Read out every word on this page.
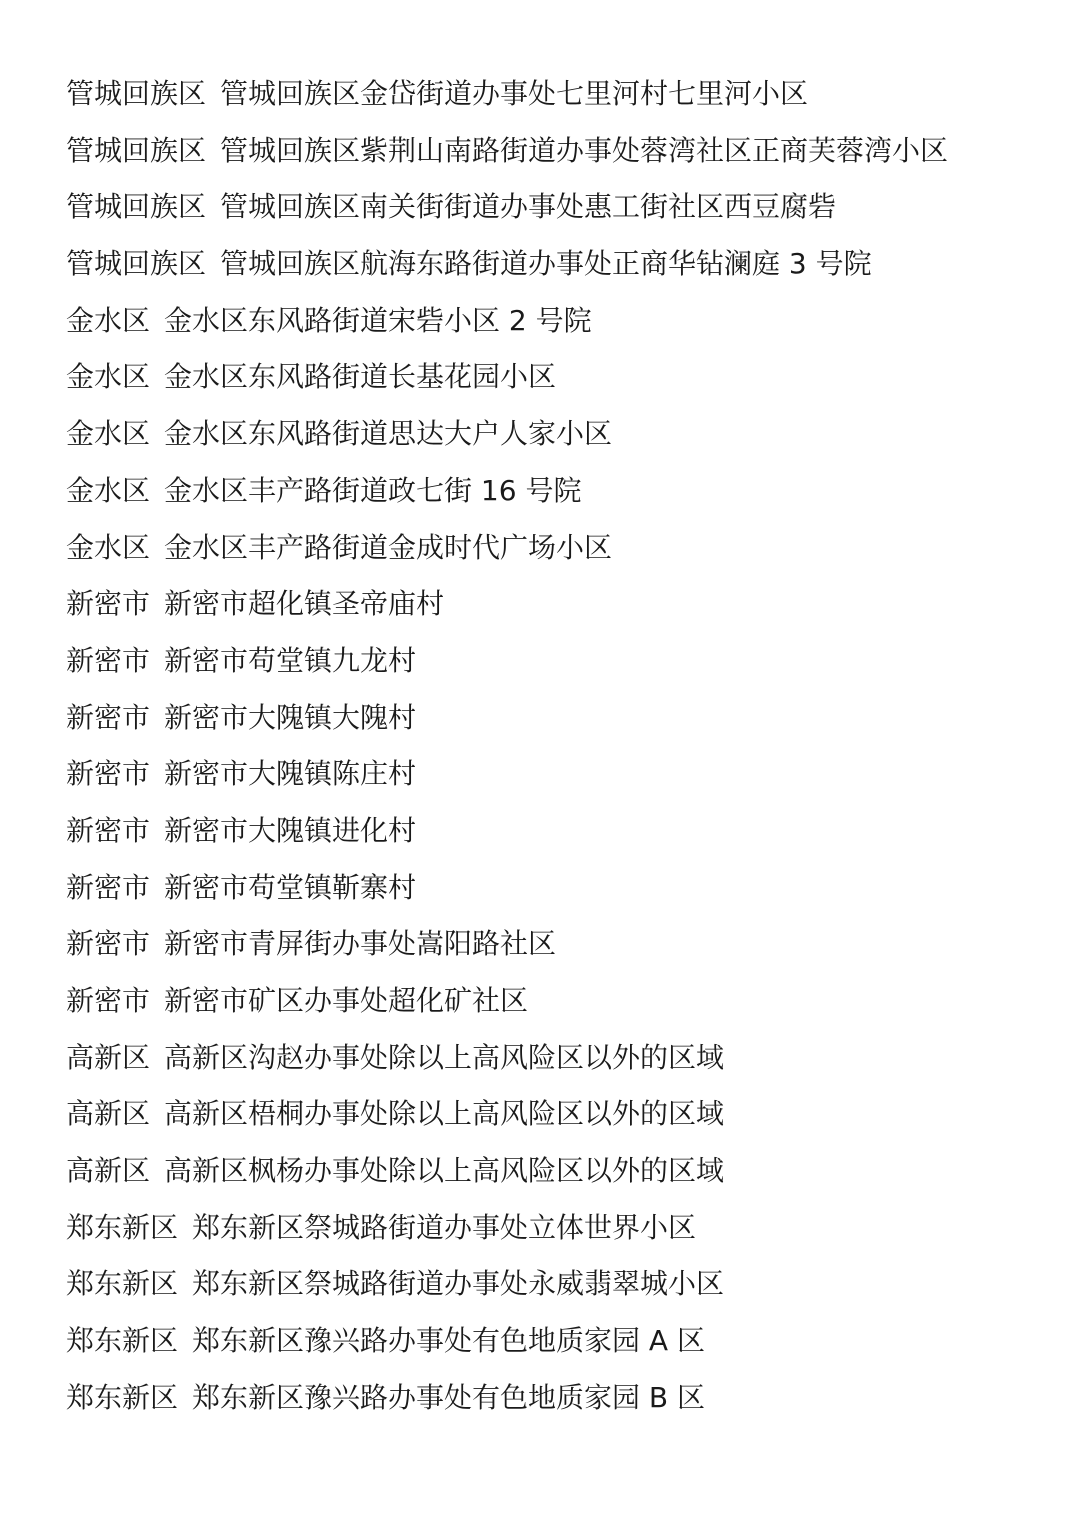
管城回族区 管城回族区金岱街道办事处七里河村七里河小区
管城回族区 管城回族区紫荆山南路街道办事处蓉湾社区正商芙蓉湾小区
管城回族区 管城回族区南关街街道办事处惠工街社区西豆腐砦
管城回族区 管城回族区航海东路街道办事处正商华钻澜庭 3 号院
金水区 金水区东风路街道宋砦小区 2 号院
金水区 金水区东风路街道长基花园小区
金水区 金水区东风路街道思达大户人家小区
金水区 金水区丰产路街道政七街 16 号院
金水区 金水区丰产路街道金成时代广场小区
新密市 新密市超化镇圣帝庙村
新密市 新密市苟堂镇九龙村
新密市 新密市大隗镇大隗村
新密市 新密市大隗镇陈庄村
新密市 新密市大隗镇进化村
新密市 新密市苟堂镇靳寨村
新密市 新密市青屏街办事处嵩阳路社区
新密市 新密市矿区办事处超化矿社区
高新区 高新区沟赵办事处除以上高风险区以外的区域
高新区 高新区梧桐办事处除以上高风险区以外的区域
高新区 高新区枫杨办事处除以上高风险区以外的区域
郑东新区 郑东新区祭城路街道办事处立体世界小区
郑东新区 郑东新区祭城路街道办事处永威翡翠城小区
郑东新区 郑东新区豫兴路办事处有色地质家园 A 区
郑东新区 郑东新区豫兴路办事处有色地质家园 B 区
